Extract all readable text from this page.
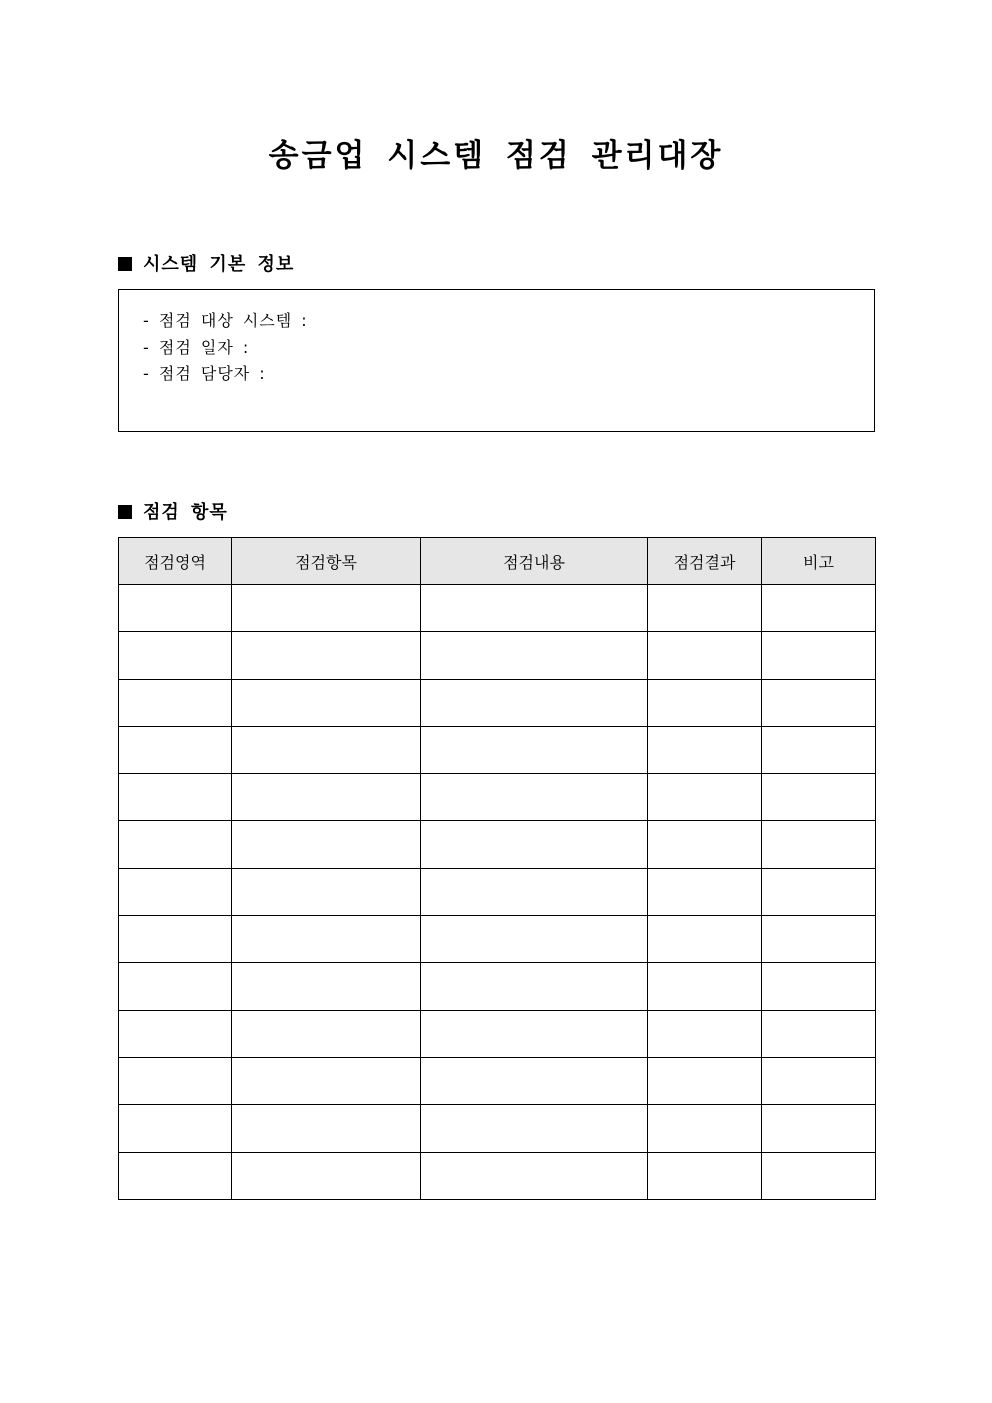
송금업 시스템 점검 관리대장
시스템 기본 정보
- 점검 대상 시스템 :
- 점검 일자 :
- 점검 담당자 :
점검 항목
점검영역	점검항목	점검내용	점검결과	비고
